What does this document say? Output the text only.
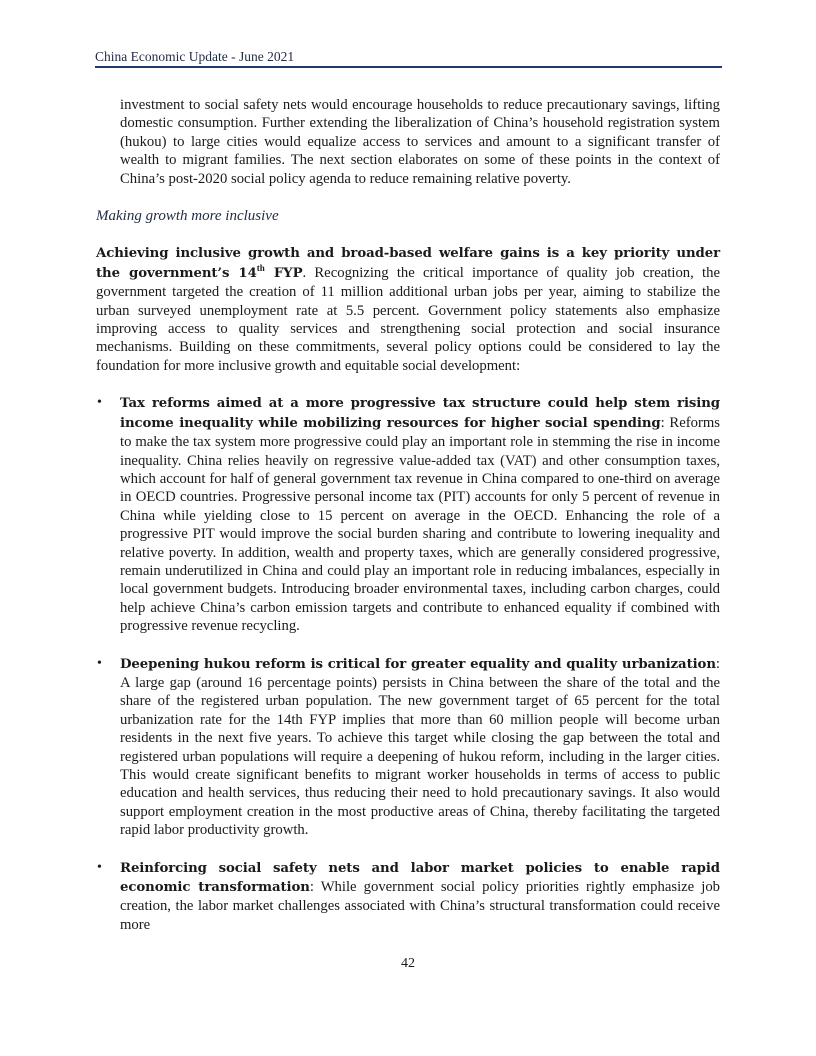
China Economic Update - June 2021

investment to social safety nets would encourage households to reduce precautionary savings, lifting domestic consumption. Further extending the liberalization of China’s household registration system (hukou) to large cities would equalize access to services and amount to a significant transfer of wealth to migrant families. The next section elaborates on some of these points in the context of China’s post-2020 social policy agenda to reduce remaining relative poverty.

Making growth more inclusive

Achieving inclusive growth and broad-based welfare gains is a key priority under the government’s 14th FYP. Recognizing the critical importance of quality job creation, the government targeted the creation of 11 million additional urban jobs per year, aiming to stabilize the urban surveyed unemployment rate at 5.5 percent. Government policy statements also emphasize improving access to quality services and strengthening social protection and social insurance mechanisms. Building on these commitments, several policy options could be considered to lay the foundation for more inclusive growth and equitable social development:

• Tax reforms aimed at a more progressive tax structure could help stem rising income inequality while mobilizing resources for higher social spending: Reforms to make the tax system more progressive could play an important role in stemming the rise in income inequality. China relies heavily on regressive value-added tax (VAT) and other consumption taxes, which account for half of general government tax revenue in China compared to one-third on average in OECD countries. Progressive personal income tax (PIT) accounts for only 5 percent of revenue in China while yielding close to 15 percent on average in the OECD. Enhancing the role of a progressive PIT would improve the social burden sharing and contribute to lowering inequality and relative poverty. In addition, wealth and property taxes, which are generally considered progressive, remain underutilized in China and could play an important role in reducing imbalances, especially in local government budgets. Introducing broader environmental taxes, including carbon charges, could help achieve China’s carbon emission targets and contribute to enhanced equality if combined with progressive revenue recycling.
• Deepening hukou reform is critical for greater equality and quality urbanization: A large gap (around 16 percentage points) persists in China between the share of the total and the share of the registered urban population. The new government target of 65 percent for the total urbanization rate for the 14th FYP implies that more than 60 million people will become urban residents in the next five years. To achieve this target while closing the gap between the total and registered urban populations will require a deepening of hukou reform, including in the larger cities. This would create significant benefits to migrant worker households in terms of access to public education and health services, thus reducing their need to hold precautionary savings. It also would support employment creation in the most productive areas of China, thereby facilitating the targeted rapid labor productivity growth.
• Reinforcing social safety nets and labor market policies to enable rapid economic transformation: While government social policy priorities rightly emphasize job creation, the labor market challenges associated with China’s structural transformation could receive more
42
